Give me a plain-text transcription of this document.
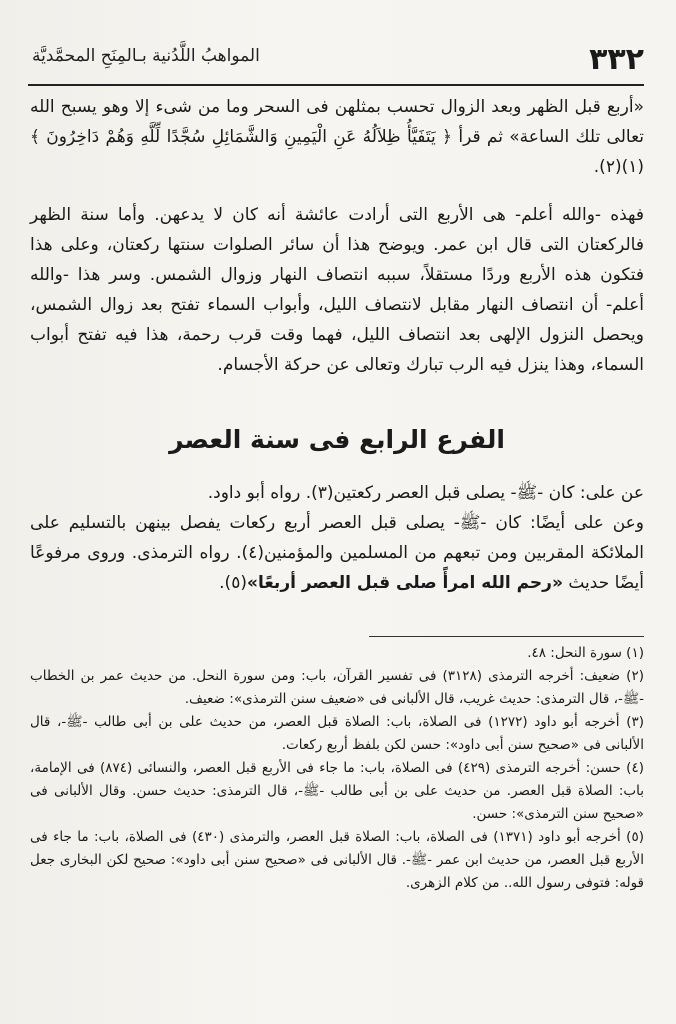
٣٣٢
المواهبُ اللَّدُنية بـالمِنَحِ المحمَّديَّة

«أربع قبل الظهر وبعد الزوال تحسب بمثلهن فى السحر وما من شىء إلا وهو يسبح الله تعالى تلك الساعة» ثم قرأ ﴿ يَتَفَيَّأُ ظِلاَلُهُ عَنِ الْيَمِينِ وَالشَّمَائِلِ سُجَّدًا لِّلَّهِ وَهُمْ دَاخِرُونَ ﴾(١)(٢).

فهذه -والله أعلم- هى الأربع التى أرادت عائشة أنه كان لا يدعهن. وأما سنة الظهر فالركعتان التى قال ابن عمر. ويوضح هذا أن سائر الصلوات سنتها ركعتان، وعلى هذا فتكون هذه الأربع وردًا مستقلاً، سببه انتصاف النهار وزوال الشمس. وسر هذا -والله أعلم- أن انتصاف النهار مقابل لانتصاف الليل، وأبواب السماء تفتح بعد زوال الشمس، ويحصل النزول الإلهى بعد انتصاف الليل، فهما وقت قرب رحمة، هذا فيه تفتح أبواب السماء، وهذا ينزل فيه الرب تبارك وتعالى عن حركة الأجسام.

الفرع الرابع فى سنة العصر
عن على: كان -ﷺ- يصلى قبل العصر ركعتين(٣). رواه أبو داود.
وعن على أيضًا: كان -ﷺ- يصلى قبل العصر أربع ركعات يفصل بينهن بالتسليم على الملائكة المقربين ومن تبعهم من المسلمين والمؤمنين(٤). رواه الترمذى. وروى مرفوعًا أيضًا حديث «رحم الله امرأً صلى قبل العصر أربعًا»(٥).

(١) سورة النحل: ٤٨.

(٢) ضعيف: أخرجه الترمذى (٣١٢٨) فى تفسير القرآن، باب: ومن سورة النحل. من حديث عمر بن الخطاب -ﷺ-، قال الترمذى: حديث غريب، قال الألبانى فى «ضعيف سنن الترمذى»: ضعيف.

(٣) أخرجه أبو داود (١٢٧٢) فى الصلاة، باب: الصلاة قبل العصر، من حديث على بن أبى طالب -ﷺ-، قال الألبانى فى «صحيح سنن أبى داود»: حسن لكن بلفظ أربع ركعات.

(٤) حسن: أخرجه الترمذى (٤٢٩) فى الصلاة، باب: ما جاء فى الأربع قبل العصر، والنسائى (٨٧٤) فى الإمامة، باب: الصلاة قبل العصر. من حديث على بن أبى طالب -ﷺ-، قال الترمذى: حديث حسن. وقال الألبانى فى «صحيح سنن الترمذى»: حسن.

(٥) أخرجه أبو داود (١٣٧١) فى الصلاة، باب: الصلاة قبل العصر، والترمذى (٤٣٠) فى الصلاة، باب: ما جاء فى الأربع قبل العصر، من حديث ابن عمر -ﷺ-. قال الألبانى فى «صحيح سنن أبى داود»: صحيح لكن البخارى جعل قوله: فتوفى رسول الله.. من كلام الزهرى.
